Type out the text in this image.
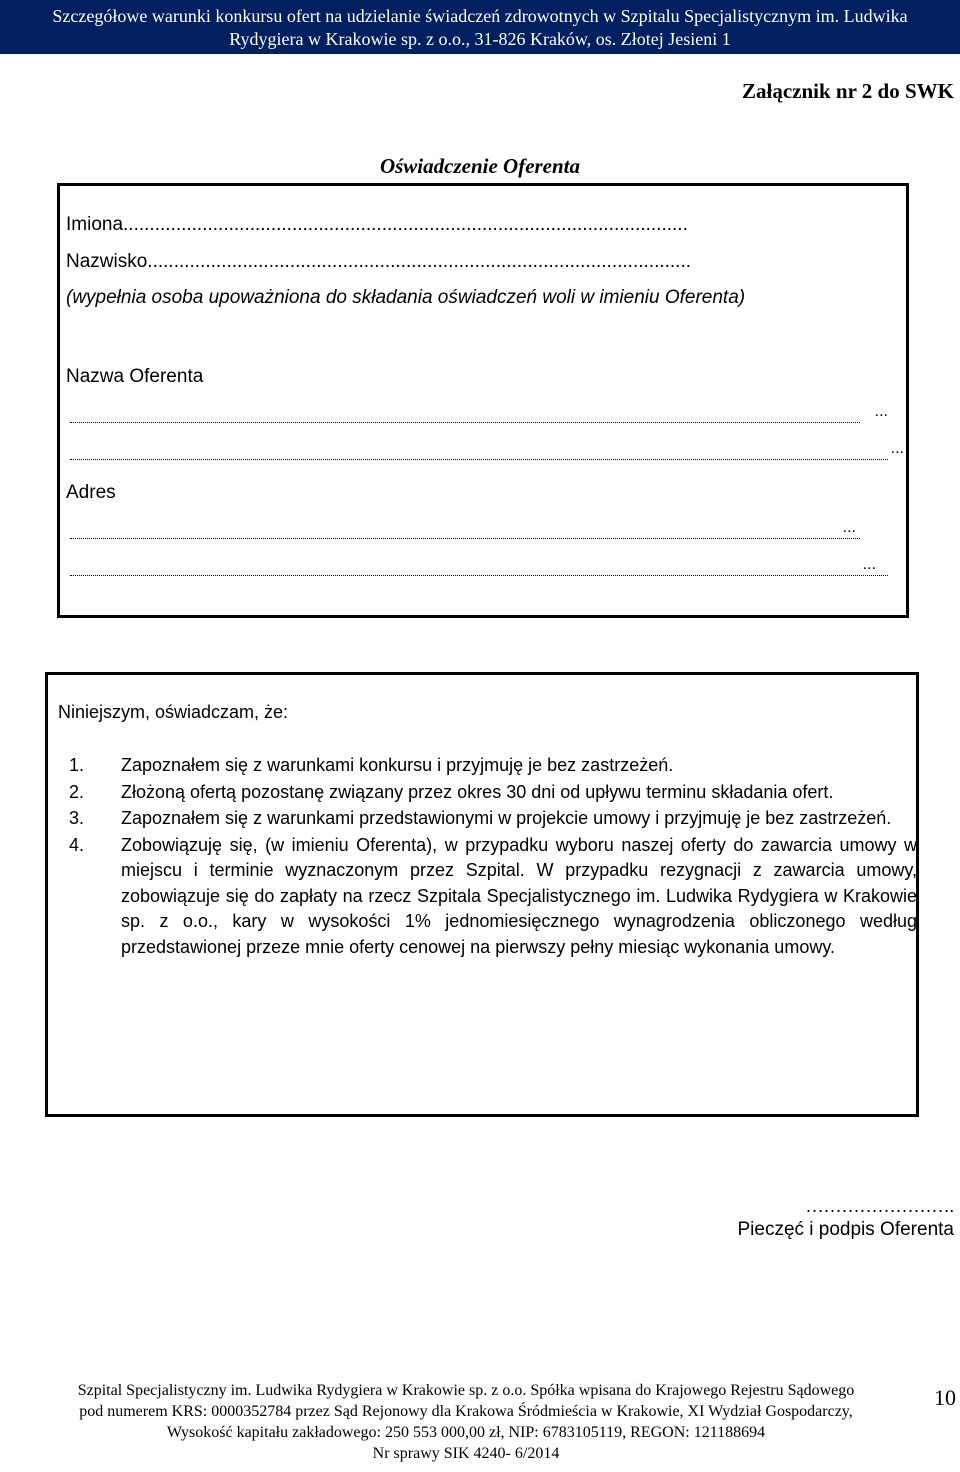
Szczegółowe warunki konkursu ofert na udzielanie świadczeń zdrowotnych w Szpitalu Specjalistycznym im. Ludwika
Rydygiera w Krakowie sp. z o.o., 31-826 Kraków, os. Złotej Jesieni 1
Załącznik nr 2 do SWK
Oświadczenie Oferenta
Imiona...........................................................................................................
Nazwisko.......................................................................................................
(wypełnia osoba upoważniona do składania oświadczeń woli w imieniu Oferenta)
Nazwa Oferenta
...
...
Adres
...
...
Niniejszym, oświadczam, że:
1. Zapoznałem się z warunkami konkursu i przyjmuję je bez zastrzeżeń.
2. Złożoną ofertą pozostanę związany przez okres 30 dni od upływu terminu składania ofert.
3. Zapoznałem się z warunkami przedstawionymi w projekcie umowy i przyjmuję je bez zastrzeżeń.
4. Zobowiązuję się, (w imieniu Oferenta), w przypadku wyboru naszej oferty do zawarcia umowy w miejscu i terminie wyznaczonym przez Szpital. W przypadku rezygnacji z zawarcia umowy, zobowiązuje się do zapłaty na rzecz Szpitala Specjalistycznego im. Ludwika Rydygiera w Krakowie sp. z o.o., kary w wysokości 1% jednomiesięcznego wynagrodzenia obliczonego według przedstawionej przeze mnie oferty cenowej na pierwszy pełny miesiąc wykonania umowy.
…………………….
Pieczęć i podpis Oferenta
Szpital Specjalistyczny im. Ludwika Rydygiera w Krakowie sp. z o.o. Spółka wpisana do Krajowego Rejestru Sądowego
pod numerem KRS: 0000352784 przez Sąd Rejonowy dla Krakowa Śródmieścia w Krakowie, XI Wydział Gospodarczy,
Wysokość kapitału zakładowego: 250 553 000,00 zł, NIP: 6783105119, REGON: 121188694
Nr sprawy SIK 4240- 6/2014
10
